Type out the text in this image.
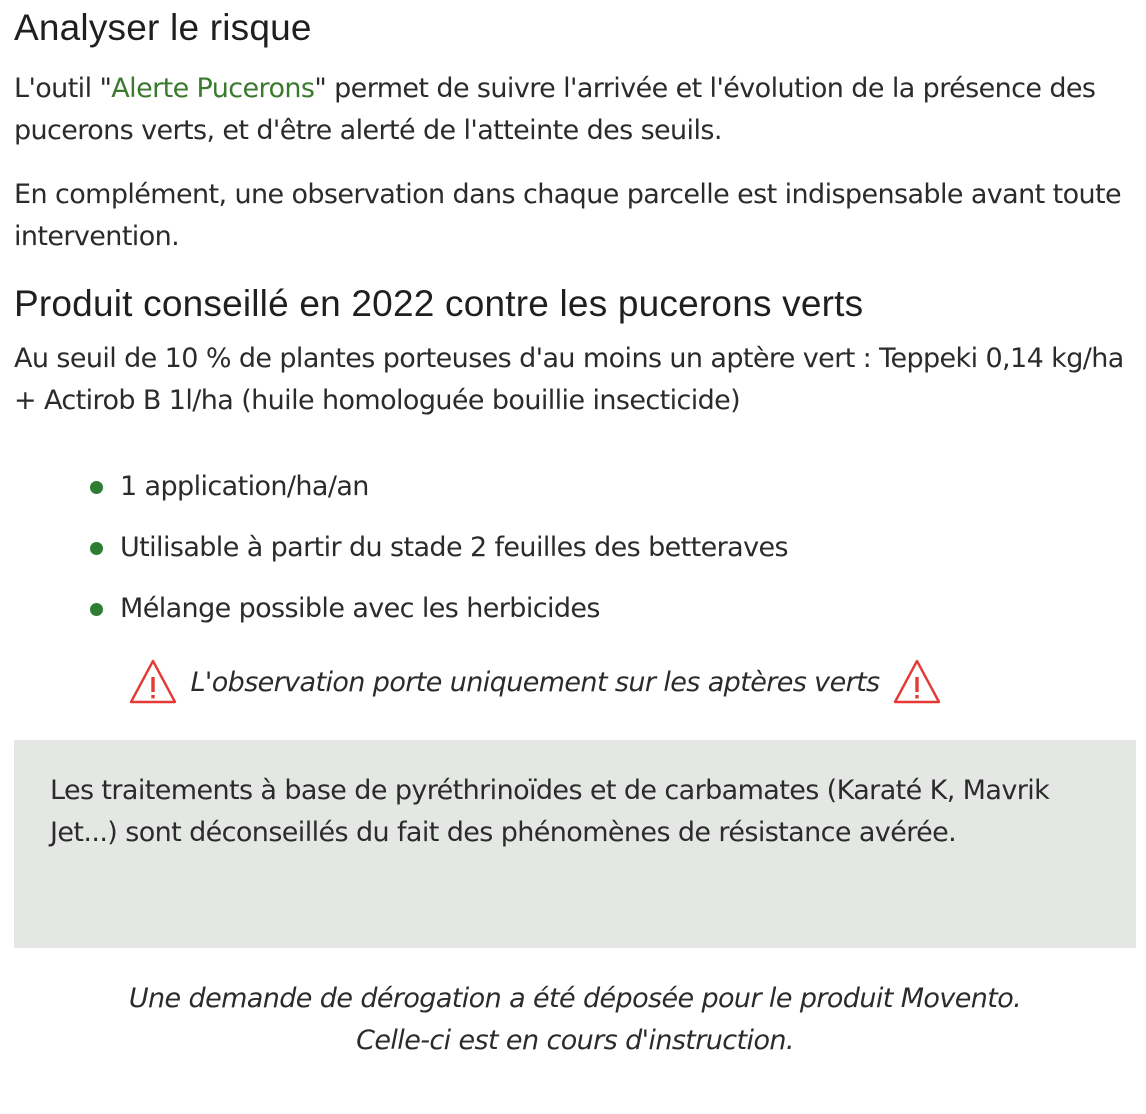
Analyser le risque

L'outil "Alerte Pucerons" permet de suivre l'arrivée et l'évolution de la présence des pucerons verts, et d'être alerté de l'atteinte des seuils.

En complément, une observation dans chaque parcelle est indispensable avant toute intervention.

Produit conseillé en 2022 contre les pucerons verts

Au seuil de 10 % de plantes porteuses d'au moins un aptère vert : Teppeki 0,14 kg/ha + Actirob B 1l/ha (huile homologuée bouillie insecticide)

1 application/ha/an
Utilisable à partir du stade 2 feuilles des betteraves
Mélange possible avec les herbicides
L'observation porte uniquement sur les aptères verts

Les traitements à base de pyréthrinoïdes et de carbamates (Karaté K, Mavrik Jet...) sont déconseillés du fait des phénomènes de résistance avérée.

Une demande de dérogation a été déposée pour le produit Movento.
Celle-ci est en cours d'instruction.
